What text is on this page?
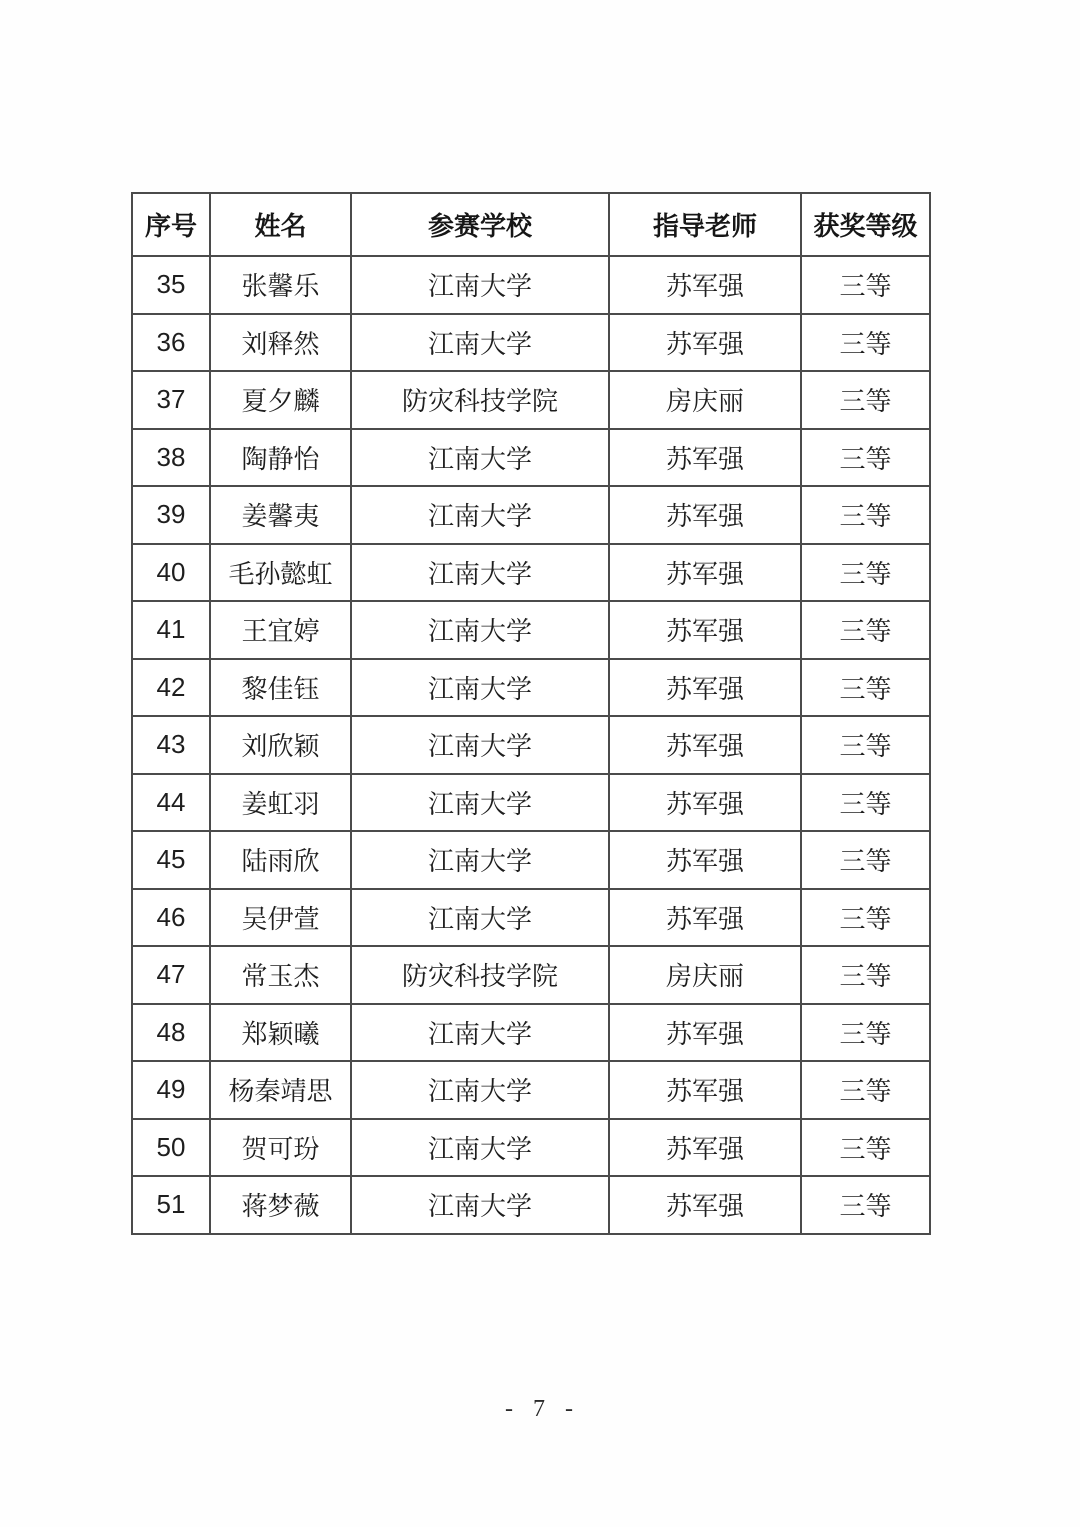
序号	姓名	参赛学校	指导老师	获奖等级
35	张馨乐	江南大学	苏军强	三等
36	刘释然	江南大学	苏军强	三等
37	夏夕麟	防灾科技学院	房庆丽	三等
38	陶静怡	江南大学	苏军强	三等
39	姜馨夷	江南大学	苏军强	三等
40	毛孙懿虹	江南大学	苏军强	三等
41	王宜婷	江南大学	苏军强	三等
42	黎佳钰	江南大学	苏军强	三等
43	刘欣颖	江南大学	苏军强	三等
44	姜虹羽	江南大学	苏军强	三等
45	陆雨欣	江南大学	苏军强	三等
46	吴伊萱	江南大学	苏军强	三等
47	常玉杰	防灾科技学院	房庆丽	三等
48	郑颖曦	江南大学	苏军强	三等
49	杨秦靖思	江南大学	苏军强	三等
50	贺可玢	江南大学	苏军强	三等
51	蒋梦薇	江南大学	苏军强	三等
- 7 -
